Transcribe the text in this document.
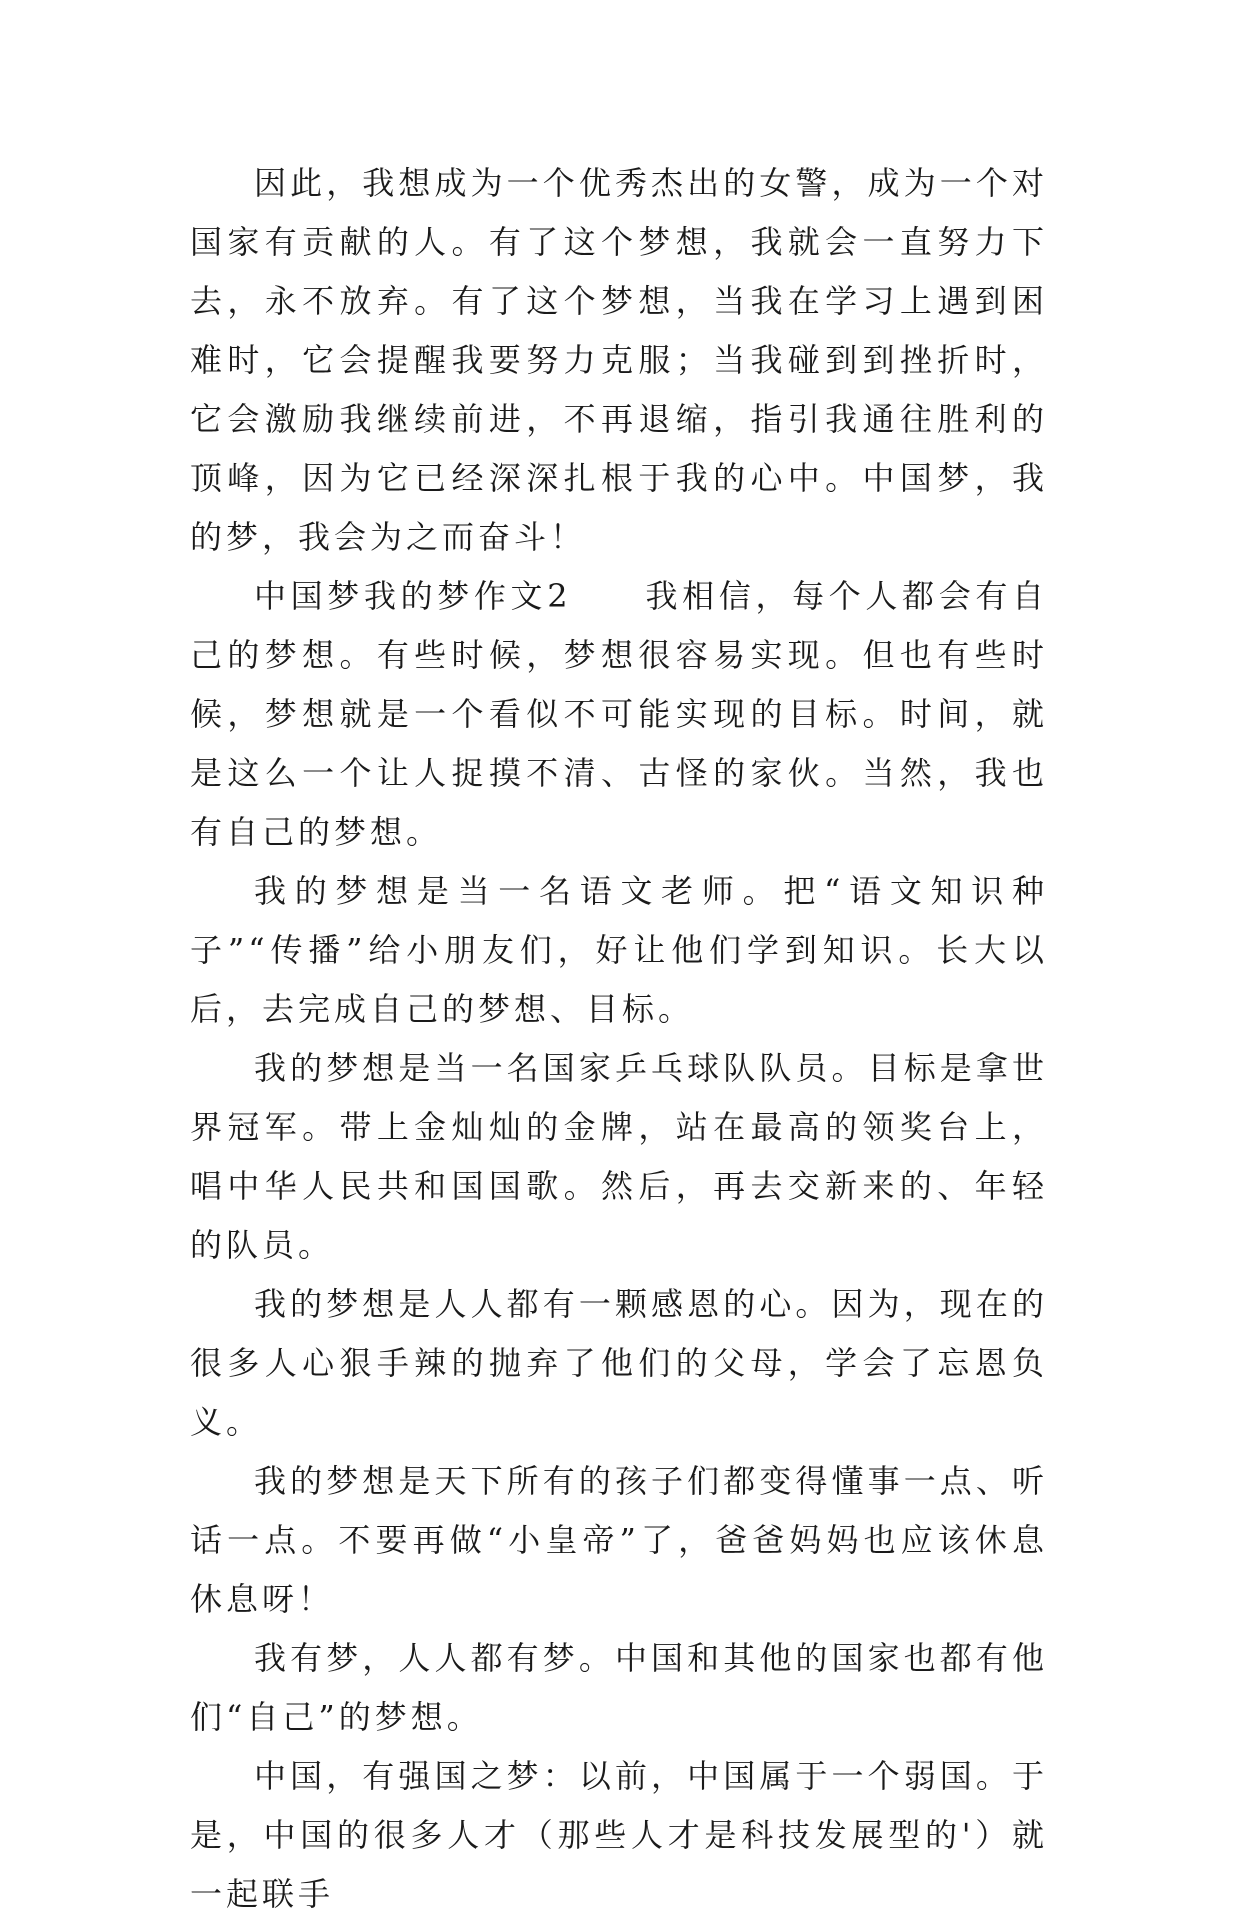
因此，我想成为一个优秀杰出的女警，成为一个对国家有贡献的人。有了这个梦想，我就会一直努力下去，永不放弃。有了这个梦想，当我在学习上遇到困难时，它会提醒我要努力克服；当我碰到到挫折时，它会激励我继续前进，不再退缩，指引我通往胜利的顶峰，因为它已经深深扎根于我的心中。中国梦，我的梦，我会为之而奋斗！

中国梦我的梦作文2　　我相信，每个人都会有自己的梦想。有些时候，梦想很容易实现。但也有些时候，梦想就是一个看似不可能实现的目标。时间，就是这么一个让人捉摸不清、古怪的家伙。当然，我也有自己的梦想。

我的梦想是当一名语文老师。把“语文知识种子”“传播”给小朋友们，好让他们学到知识。长大以后，去完成自己的梦想、目标。

我的梦想是当一名国家乒乓球队队员。目标是拿世界冠军。带上金灿灿的金牌，站在最高的领奖台上，唱中华人民共和国国歌。然后，再去交新来的、年轻的队员。

我的梦想是人人都有一颗感恩的心。因为，现在的很多人心狠手辣的抛弃了他们的父母，学会了忘恩负义。

我的梦想是天下所有的孩子们都变得懂事一点、听话一点。不要再做“小皇帝”了，爸爸妈妈也应该休息休息呀！

我有梦，人人都有梦。中国和其他的国家也都有他们“自己”的梦想。

中国，有强国之梦：以前，中国属于一个弱国。于是，中国的很多人才（那些人才是科技发展型的'）就一起联手
